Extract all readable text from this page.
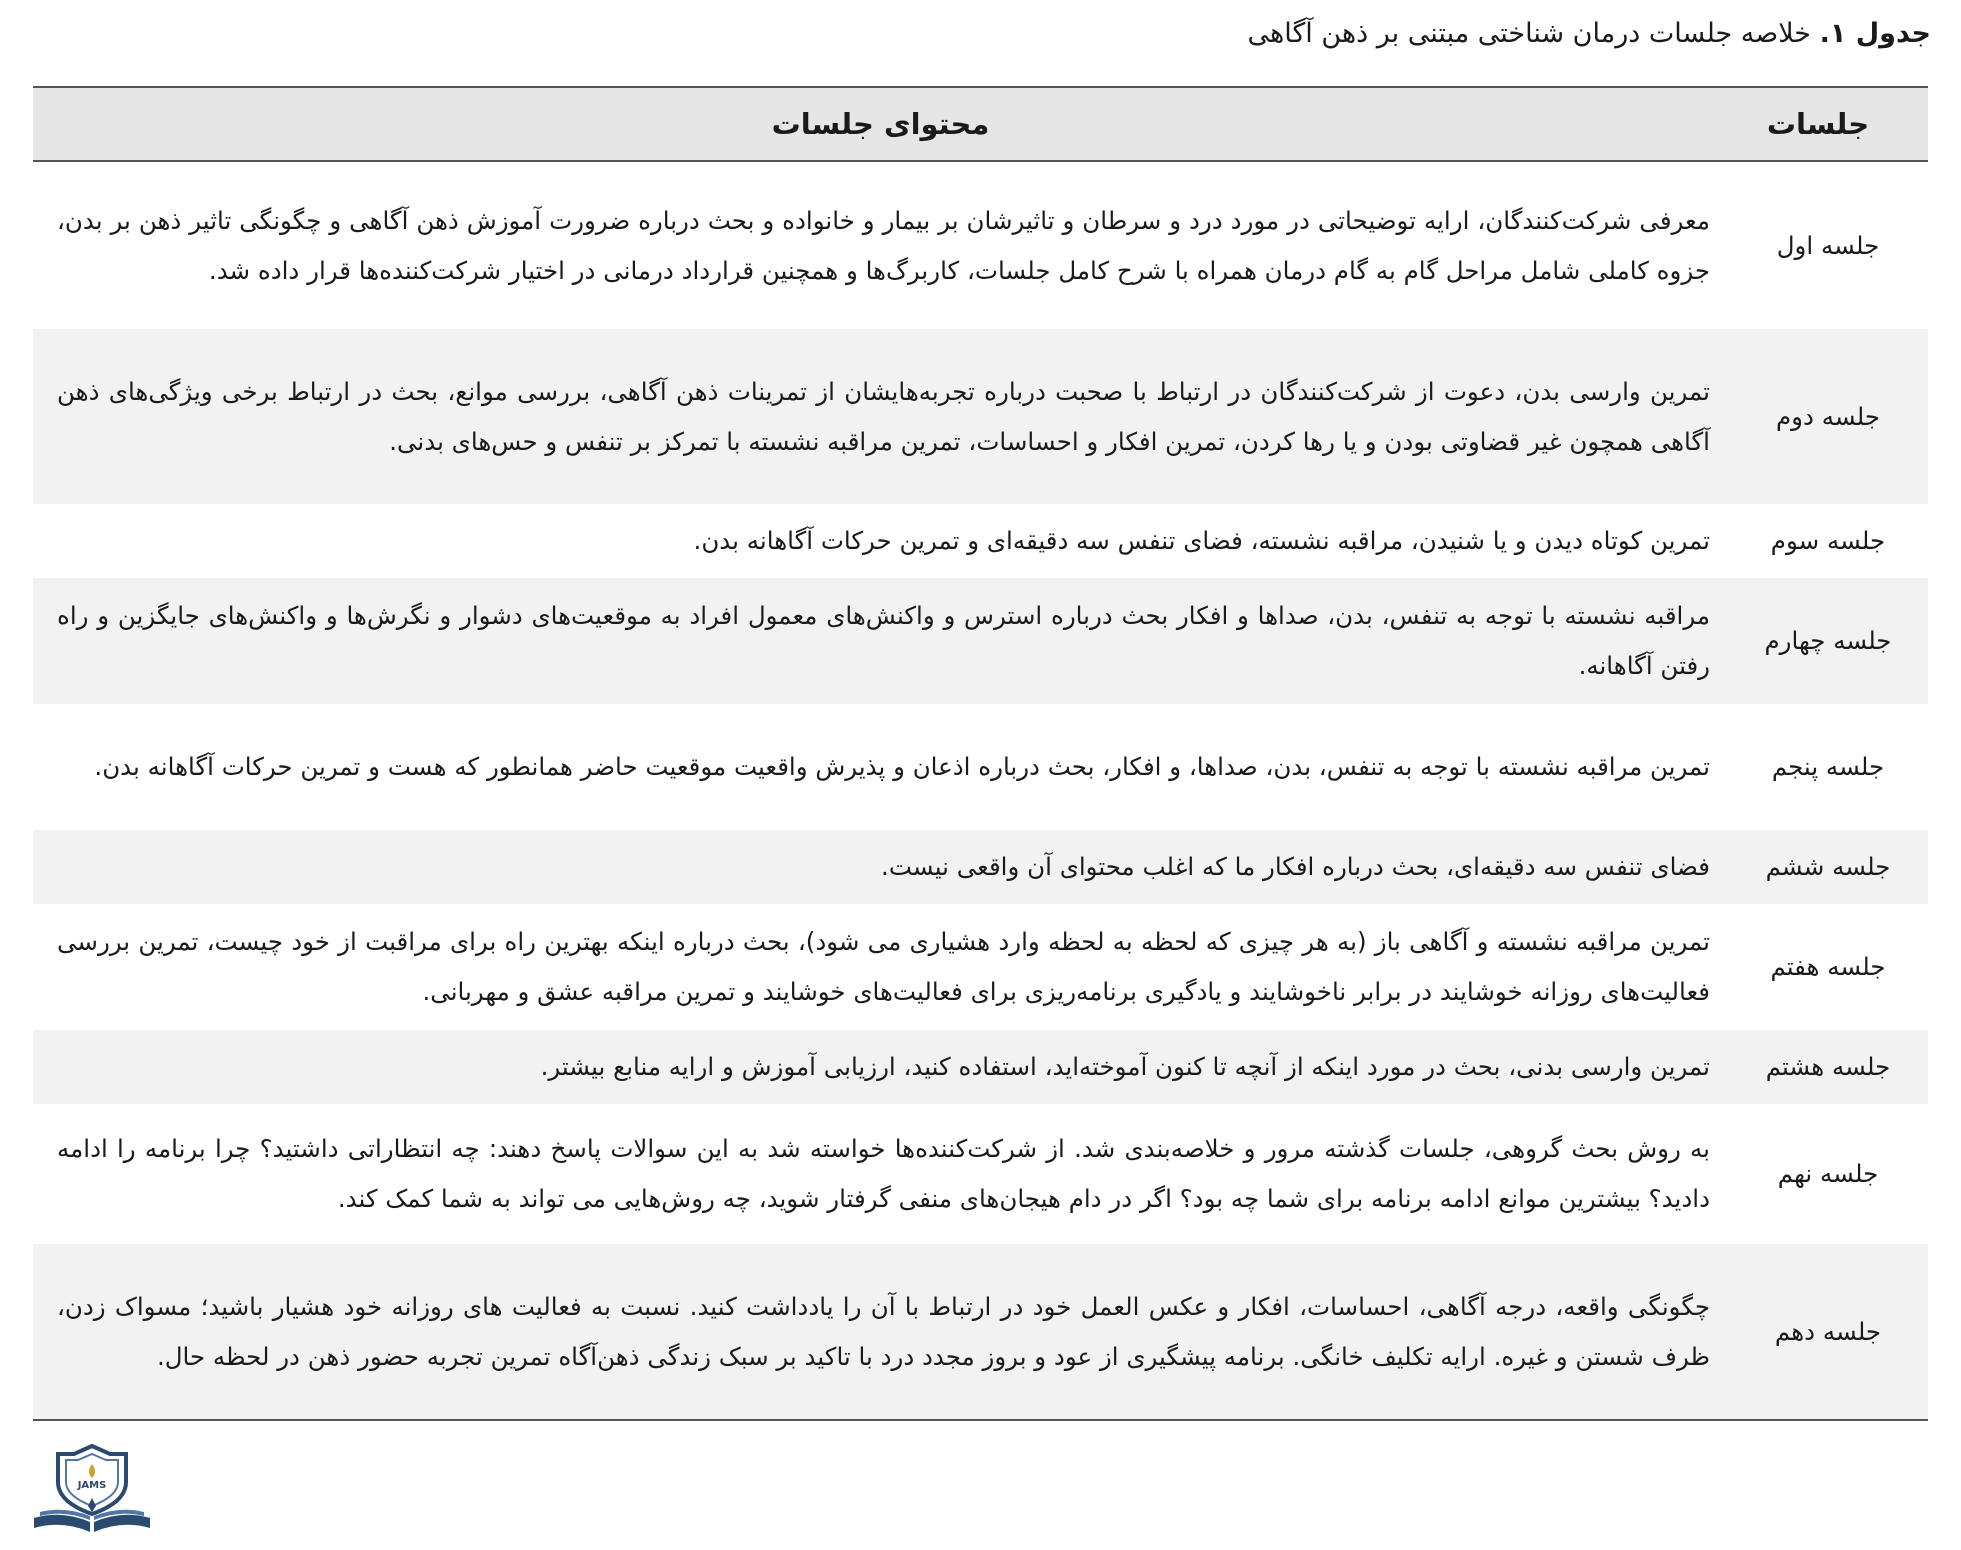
جدول ۱. خلاصه جلسات درمان شناختی مبتنی بر ذهن آگاهی
جلسات	محتوای جلسات
جلسه اول	معرفی شرکت‌کنندگان، ارایه توضیحاتی در مورد درد و سرطان و تاثیرشان بر بیمار و خانواده و بحث درباره ضرورت آموزش ذهن آگاهی و چگونگی تاثیر ذهن بر بدن، جزوه کاملی شامل مراحل گام به گام درمان همراه با شرح کامل جلسات، کاربرگ‌ها و همچنین قرارداد درمانی در اختیار شرکت‌کننده‌ها قرار داده شد.

جلسه دوم	تمرین وارسی بدن، دعوت از شرکت‌کنندگان در ارتباط با صحبت درباره تجربه‌هایشان از تمرینات ذهن آگاهی، بررسی موانع، بحث در ارتباط برخی ویژگی‌های ذهن آگاهی همچون غیر قضاوتی بودن و یا رها کردن، تمرین افکار و احساسات، تمرین مراقبه نشسته با تمرکز بر تنفس و حس‌های بدنی.

جلسه سوم	تمرین کوتاه دیدن و یا شنیدن، مراقبه نشسته، فضای تنفس سه دقیقه‌ای و تمرین حرکات آگاهانه بدن.

جلسه چهارم	مراقبه نشسته با توجه به تنفس، بدن، صداها و افکار بحث درباره استرس و واکنش‌های معمول افراد به موقعیت‌های دشوار و نگرش‌ها و واکنش‌های جایگزین و راه رفتن آگاهانه.

جلسه پنجم	تمرین مراقبه نشسته با توجه به تنفس، بدن، صداها، و افکار، بحث درباره اذعان و پذیرش واقعیت موقعیت حاضر همانطور که هست و تمرین حرکات آگاهانه بدن.

جلسه ششم	فضای تنفس سه دقیقه‌ای، بحث درباره افکار ما که اغلب محتوای آن واقعی نیست.

جلسه هفتم	تمرین مراقبه نشسته و آگاهی باز (به هر چیزی که لحظه به لحظه وارد هشیاری می شود)، بحث درباره اینکه بهترین راه برای مراقبت از خود چیست، تمرین بررسی فعالیت‌های روزانه خوشایند در برابر ناخوشایند و یادگیری برنامه‌ریزی برای فعالیت‌های خوشایند و تمرین مراقبه عشق و مهربانی.

جلسه هشتم	تمرین وارسی بدنی، بحث در مورد اینکه از آنچه تا کنون آموخته‌اید، استفاده کنید، ارزیابی آموزش و ارایه منابع بیشتر.

جلسه نهم	به روش بحث گروهی، جلسات گذشته مرور و خلاصه‌بندی شد. از شرکت‌کننده‌ها خواسته شد به این سوالات پاسخ دهند: چه انتظاراتی داشتید؟ چرا برنامه را ادامه دادید؟ بیشترین موانع ادامه برنامه برای شما چه بود؟ اگر در دام هیجان‌های منفی گرفتار شوید، چه روش‌هایی می تواند به شما کمک کند.

جلسه دهم	چگونگی واقعه، درجه آگاهی، احساسات، افکار و عکس العمل خود در ارتباط با آن را یادداشت کنید. نسبت به فعالیت های روزانه خود هشیار باشید؛ مسواک زدن، ظرف شستن و غیره. ارایه تکلیف خانگی. برنامه پیشگیری از عود و بروز مجدد درد با تاکید بر سبک زندگی ذهن‌آگاه تمرین تجربه حضور ذهن در لحظه حال.
JAMS
